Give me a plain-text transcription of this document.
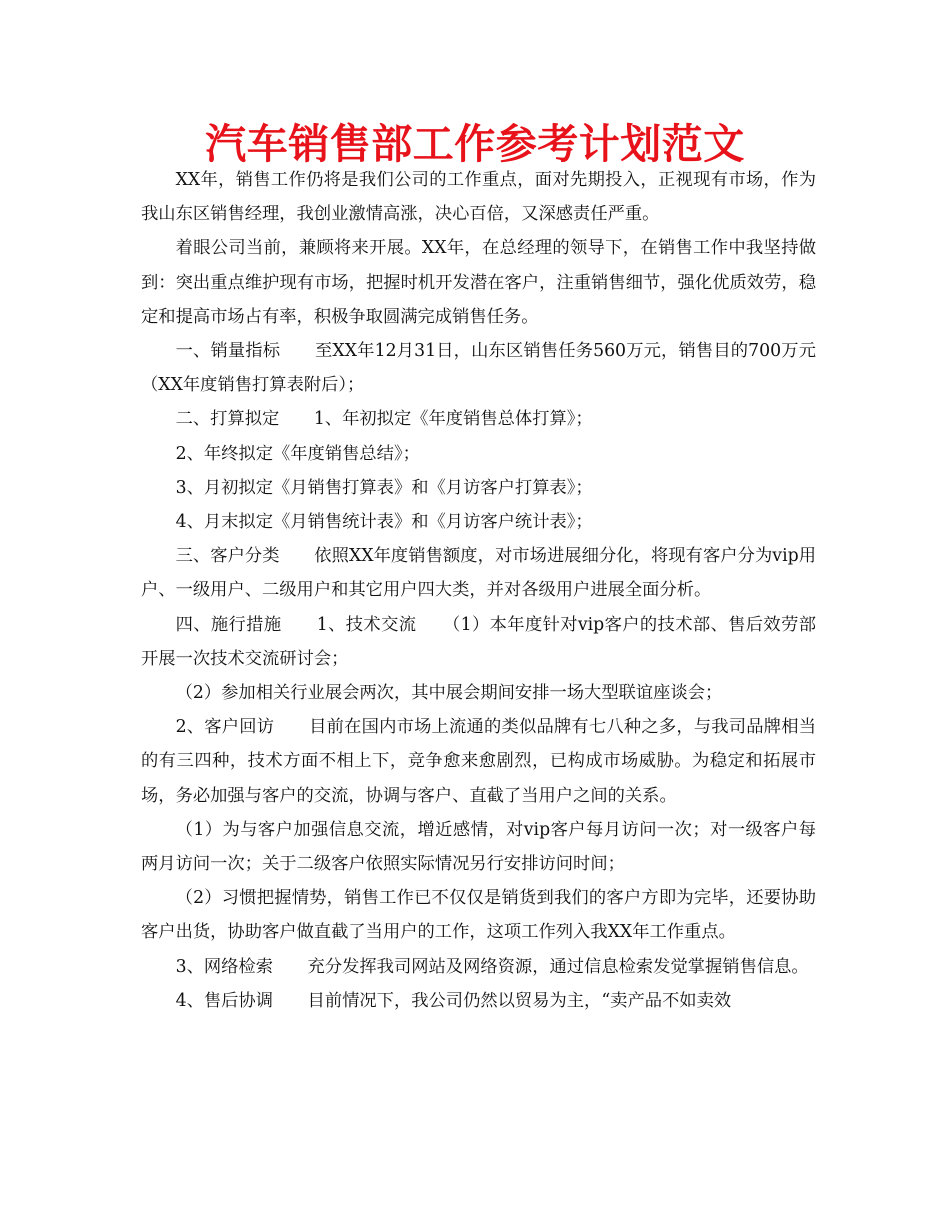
汽车销售部工作参考计划范文

XX年，销售工作仍将是我们公司的工作重点，面对先期投入，正视现有市场，作为我山东区销售经理，我创业激情高涨，决心百倍，又深感责任严重。

着眼公司当前，兼顾将来开展。XX年，在总经理的领导下，在销售工作中我坚持做到：突出重点维护现有市场，把握时机开发潜在客户，注重销售细节，强化优质效劳，稳定和提高市场占有率，积极争取圆满完成销售任务。

一、销量指标　　至XX年12月31日，山东区销售任务560万元，销售目的700万元（XX年度销售打算表附后）；

二、打算拟定　　1、年初拟定《年度销售总体打算》；

2、年终拟定《年度销售总结》；

3、月初拟定《月销售打算表》和《月访客户打算表》；

4、月末拟定《月销售统计表》和《月访客户统计表》；

三、客户分类　　依照XX年度销售额度，对市场进展细分化，将现有客户分为vip用户、一级用户、二级用户和其它用户四大类，并对各级用户进展全面分析。

四、施行措施　　1、技术交流　　（1）本年度针对vip客户的技术部、售后效劳部开展一次技术交流研讨会；

（2）参加相关行业展会两次，其中展会期间安排一场大型联谊座谈会；

2、客户回访　　目前在国内市场上流通的类似品牌有七八种之多，与我司品牌相当的有三四种，技术方面不相上下，竞争愈来愈剧烈，已构成市场威胁。为稳定和拓展市场，务必加强与客户的交流，协调与客户、直截了当用户之间的关系。

（1）为与客户加强信息交流，增近感情，对vip客户每月访问一次；对一级客户每两月访问一次；关于二级客户依照实际情况另行安排访问时间；

（2）习惯把握情势，销售工作已不仅仅是销货到我们的客户方即为完毕，还要协助客户出货，协助客户做直截了当用户的工作，这项工作列入我XX年工作重点。

3、网络检索　　充分发挥我司网站及网络资源，通过信息检索发觉掌握销售信息。

4、售后协调　　目前情况下，我公司仍然以贸易为主，“卖产品不如卖效
